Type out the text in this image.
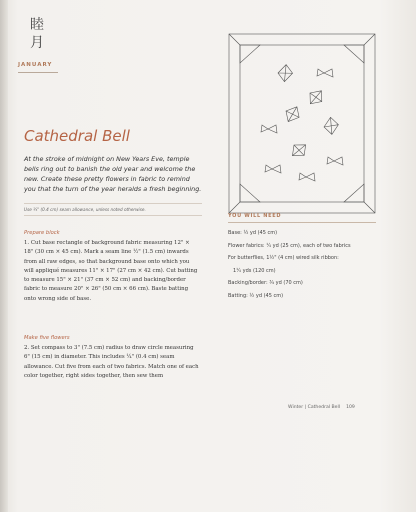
睦
月
JANUARY
Cathedral Bell
At the stroke of midnight on New Years Eve, temple bells ring out to banish the old year and welcome the new. Create these pretty flowers in fabric to remind you that the turn of the year heralds a fresh beginning.
Use ¼" (0.4 cm) seam allowance, unless noted otherwise.
Prepare block
1. Cut base rectangle of background fabric measuring 12" × 18" (30 cm × 45 cm). Mark a seam line ½" (1.5 cm) inwards from all raw edges, so that background base onto which you will appliqué measures 11" × 17" (27 cm × 42 cm). Cut batting to measure 15" × 21" (37 cm × 52 cm) and backing/border fabric to measure 20" × 26" (50 cm × 66 cm). Baste batting onto wrong side of base.
Make five flowers
2. Set compass to 3" (7.5 cm) radius to draw circle measuring 6" (15 cm) in diameter. This includes ¼" (0.4 cm) seam allowance. Cut five from each of two fabrics. Match one of each color together, right sides together, then sew them
YOU WILL NEED
Base: ½ yd (45 cm)
Flower fabrics: ¼ yd (25 cm), each of two fabrics
For butterflies, 1½" (4 cm) wired silk ribbon:
1¼ yds (120 cm)
Backing/border: ¾ yd (70 cm)
Batting: ½ yd (45 cm)
Winter | Cathedral Bell 109
